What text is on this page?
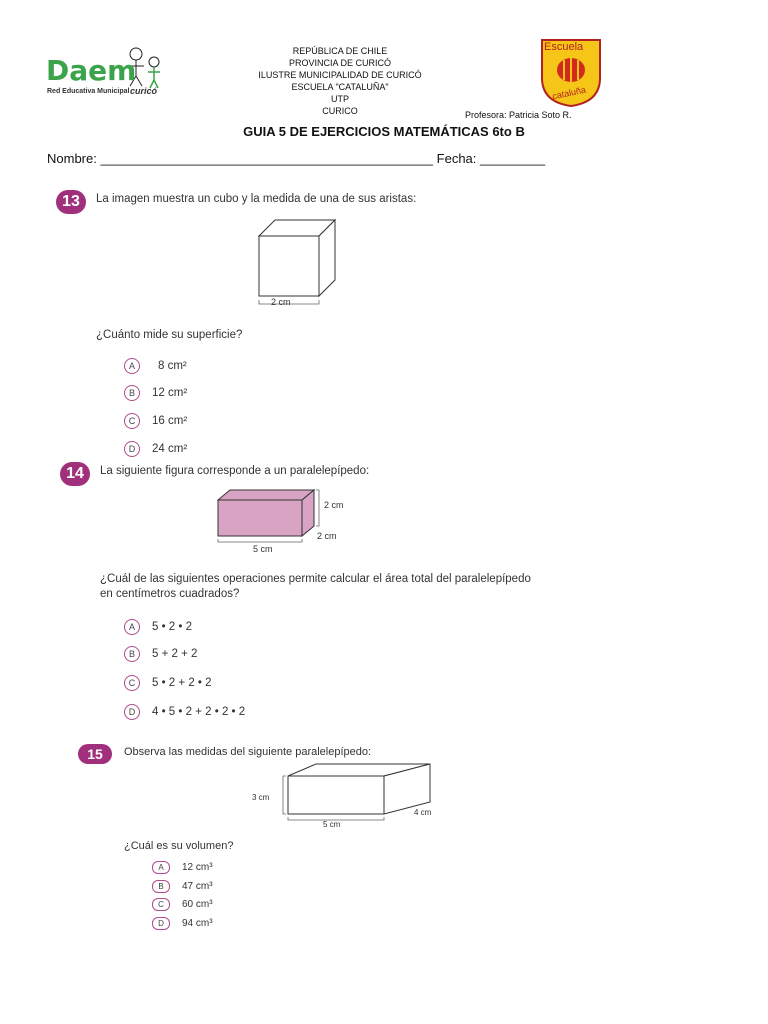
Daem
Red Educativa Municipal curicó
REPÚBLICA DE CHILE
PROVINCIA DE CURICÓ
ILUSTRE MUNICIPALIDAD DE CURICÓ
ESCUELA "CATALUÑA"
UTP
CURICO	Profesora: Patricia Soto R.
Escuela
cataluña
GUIA 5 DE EJERCICIOS MATEMÁTICAS 6to B
Nombre: ______________________________________________ Fecha: _________
13	La imagen muestra un cubo y la medida de una de sus aristas:
2 cm
¿Cuánto mide su superficie?
A	8 cm²
B	12 cm²
C	16 cm²
D	24 cm²
14	La siguiente figura corresponde a un paralelepípedo:
2 cm
2 cm
5 cm
¿Cuál de las siguientes operaciones permite calcular el área total del paralelepípedo
en centímetros cuadrados?
A	5 • 2 • 2
B	5 + 2 + 2
C	5 • 2 + 2 • 2
D	4 • 5 • 2 + 2 • 2 • 2
15	Observa las medidas del siguiente paralelepípedo:
3 cm
4 cm
5 cm
¿Cuál es su volumen?
A	12 cm³
B	47 cm³
C	60 cm³
D	94 cm³
